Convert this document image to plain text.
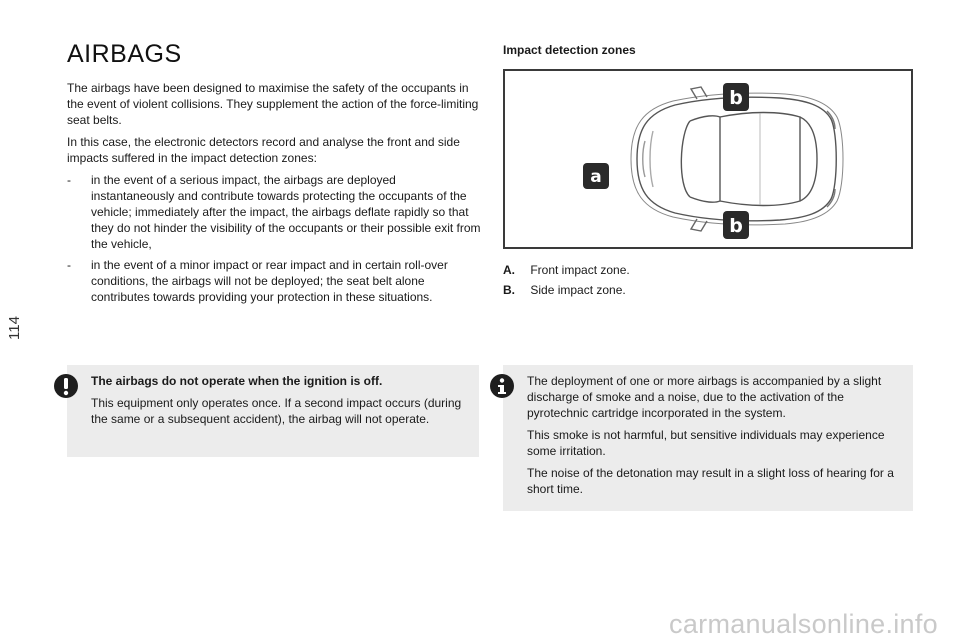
114
AIRBAGS

The airbags have been designed to maximise the safety of the occupants in the event of violent collisions. They supplement the action of the force-limiting seat belts.

In this case, the electronic detectors record and analyse the front and side impacts suffered in the impact detection zones:

- in the event of a serious impact, the airbags are deployed instantaneously and contribute towards protecting the occupants of the vehicle; immediately after the impact, the airbags deflate rapidly so that they do not hinder the visibility of the occupants or their possible exit from the vehicle,
- in the event of a minor impact or rear impact and in certain roll-over conditions, the airbags will not be deployed; the seat belt alone contributes towards providing your protection in these situations.
Impact detection zones
a
b
b
A. Front impact zone.
B. Side impact zone.

The airbags do not operate when the ignition is off.

This equipment only operates once. If a second impact occurs (during the same or a subsequent accident), the airbag will not operate.

The deployment of one or more airbags is accompanied by a slight discharge of smoke and a noise, due to the activation of the pyrotechnic cartridge incorporated in the system.

This smoke is not harmful, but sensitive individuals may experience some irritation.

The noise of the detonation may result in a slight loss of hearing for a short time.

carmanualsonline.info
